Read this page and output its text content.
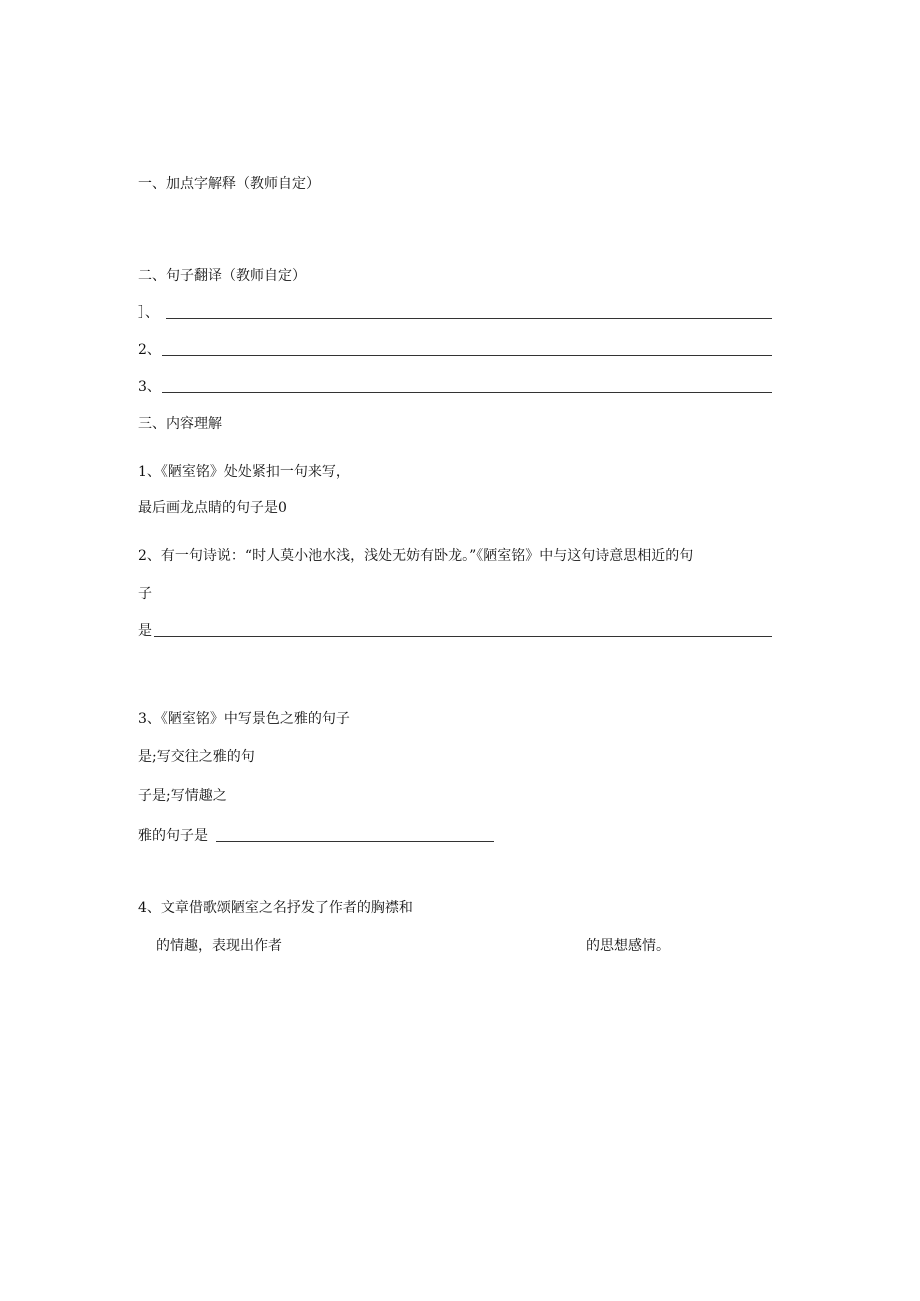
一、加点字解释（教师自定）
二、句子翻译（教师自定）
］、
2、
3、
三、内容理解
1、《陋室铭》处处紧扣一句来写，
最后画龙点睛的句子是0
2、有一句诗说：“时人莫小池水浅，浅处无妨有卧龙。”《陋室铭》中与这句诗意思相近的句
子
是
3、《陋室铭》中写景色之雅的句子
是;写交往之雅的句
子是;写情趣之
雅的句子是
4、文章借歌颂陋室之名抒发了作者的胸襟和
的情趣，表现出作者	的思想感情。
